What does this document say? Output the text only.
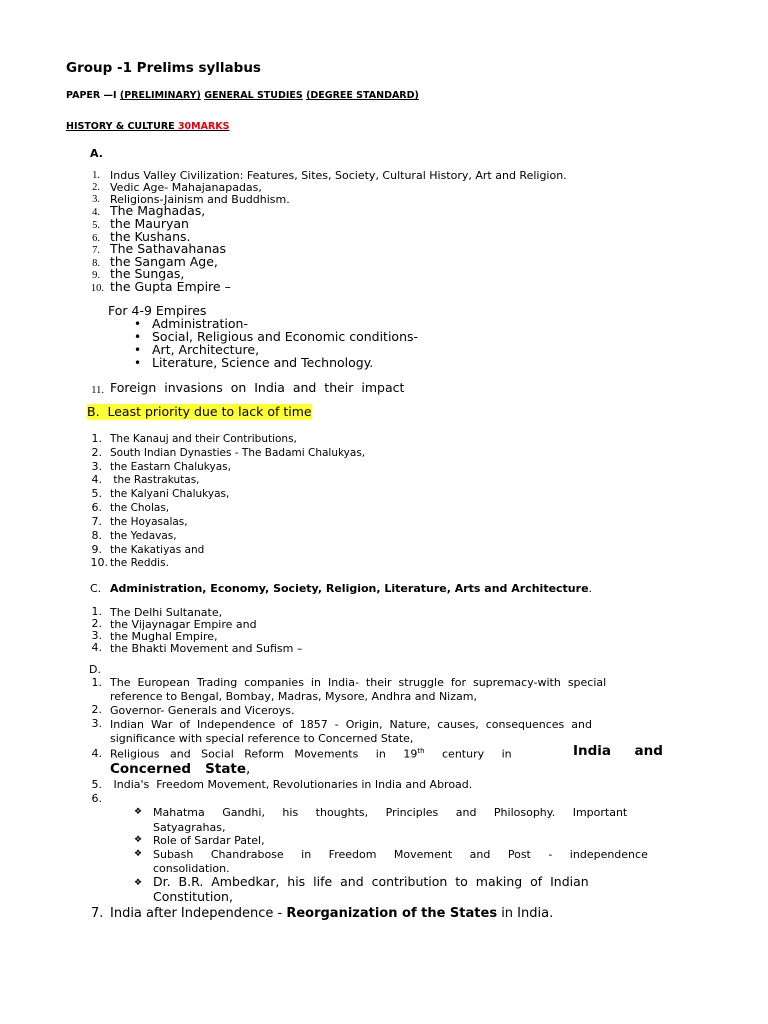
Group -1 Prelims syllabus
PAPER —I (PRELIMINARY) GENERAL STUDIES (DEGREE STANDARD)
HISTORY & CULTURE 30MARKS
A.
1. Indus Valley Civilization: Features, Sites, Society, Cultural History, Art and Religion.
2. Vedic Age- Mahajanapadas,
3. Religions-Jainism and Buddhism.
4. The Maghadas,
5. the Mauryan
6. the Kushans.
7. The Sathavahanas
8. the Sangam Age,
9. the Sungas,
10. the Gupta Empire –
For 4-9 Empires
• Administration-
• Social, Religious and Economic conditions-
• Art, Architecture,
• Literature, Science and Technology.
11. Foreign  invasions  on  India  and  their  impact
B.  Least priority due to lack of time
1. The Kanauj and their Contributions,
2. South Indian Dynasties - The Badami Chalukyas,
3. the Eastarn Chalukyas,
4. the Rastrakutas,
5. the Kalyani Chalukyas,
6. the Cholas,
7. the Hoyasalas,
8. the Yedavas,
9. the Kakatiyas and
10. the Reddis.
C. Administration, Economy, Society, Religion, Literature, Arts and Architecture.
1. The Delhi Sultanate,
2. the Vijaynagar Empire and
3. the Mughal Empire,
4. the Bhakti Movement and Sufism –
D.
1. The  European  Trading  companies  in  India-  their  struggle  for  supremacy-with  special
reference to Bengal, Bombay, Madras, Mysore, Andhra and Nizam,
2. Governor- Generals and Viceroys.
3. Indian  War  of  Independence  of  1857  -  Origin,  Nature,  causes,  consequences  and
significance with special reference to Concerned State,
4. Religious   and   Social   Reform   Movements     in     19th     century     in	India     and
Concerned   State,
5. India's  Freedom Movement, Revolutionaries in India and Abroad.
6.
❖ Mahatma     Gandhi,     his     thoughts,     Principles     and     Philosophy.     Important
Satyagrahas,
❖ Role of Sardar Patel,
❖ Subash     Chandrabose     in     Freedom     Movement     and     Post     -     independence
consolidation.
❖ Dr.  B.R.  Ambedkar,  his  life  and  contribution  to  making  of  Indian
Constitution,
7. India after Independence - Reorganization of the States in India.
